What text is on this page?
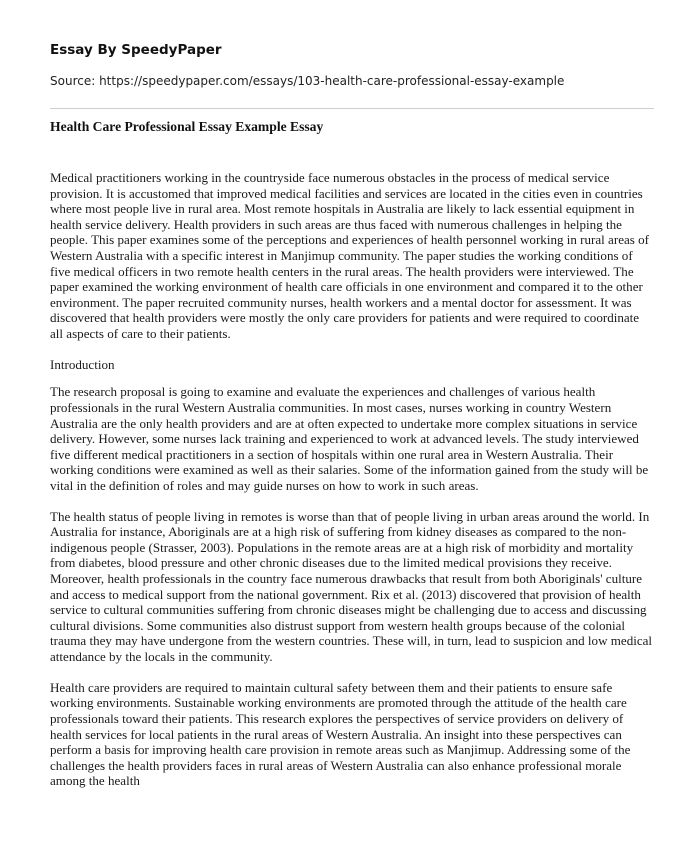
Essay By SpeedyPaper
Source: https://speedypaper.com/essays/103-health-care-professional-essay-example
Health Care Professional Essay Example Essay

Medical practitioners working in the countryside face numerous obstacles in the process of medical service provision. It is accustomed that improved medical facilities and services are located in the cities even in countries where most people live in rural area. Most remote hospitals in Australia are likely to lack essential equipment in health service delivery. Health providers in such areas are thus faced with numerous challenges in helping the people. This paper examines some of the perceptions and experiences of health personnel working in rural areas of Western Australia with a specific interest in Manjimup community. The paper studies the working conditions of five medical officers in two remote health centers in the rural areas. The health providers were interviewed. The paper examined the working environment of health care officials in one environment and compared it to the other environment. The paper recruited community nurses, health workers and a mental doctor for assessment. It was discovered that health providers were mostly the only care providers for patients and were required to coordinate all aspects of care to their patients.

Introduction

The research proposal is going to examine and evaluate the experiences and challenges of various health professionals in the rural Western Australia communities. In most cases, nurses working in country Western Australia are the only health providers and are at often expected to undertake more complex situations in service delivery. However, some nurses lack training and experienced to work at advanced levels. The study interviewed five different medical practitioners in a section of hospitals within one rural area in Western Australia. Their working conditions were examined as well as their salaries. Some of the information gained from the study will be vital in the definition of roles and may guide nurses on how to work in such areas.

The health status of people living in remotes is worse than that of people living in urban areas around the world. In Australia for instance, Aboriginals are at a high risk of suffering from kidney diseases as compared to the non-indigenous people (Strasser, 2003). Populations in the remote areas are at a high risk of morbidity and mortality from diabetes, blood pressure and other chronic diseases due to the limited medical provisions they receive. Moreover, health professionals in the country face numerous drawbacks that result from both Aboriginals' culture and access to medical support from the national government. Rix et al. (2013) discovered that provision of health service to cultural communities suffering from chronic diseases might be challenging due to access and discussing cultural divisions. Some communities also distrust support from western health groups because of the colonial trauma they may have undergone from the western countries. These will, in turn, lead to suspicion and low medical attendance by the locals in the community.

Health care providers are required to maintain cultural safety between them and their patients to ensure safe working environments. Sustainable working environments are promoted through the attitude of the health care professionals toward their patients. This research explores the perspectives of service providers on delivery of health services for local patients in the rural areas of Western Australia. An insight into these perspectives can perform a basis for improving health care provision in remote areas such as Manjimup. Addressing some of the challenges the health providers faces in rural areas of Western Australia can also enhance professional morale among the health
